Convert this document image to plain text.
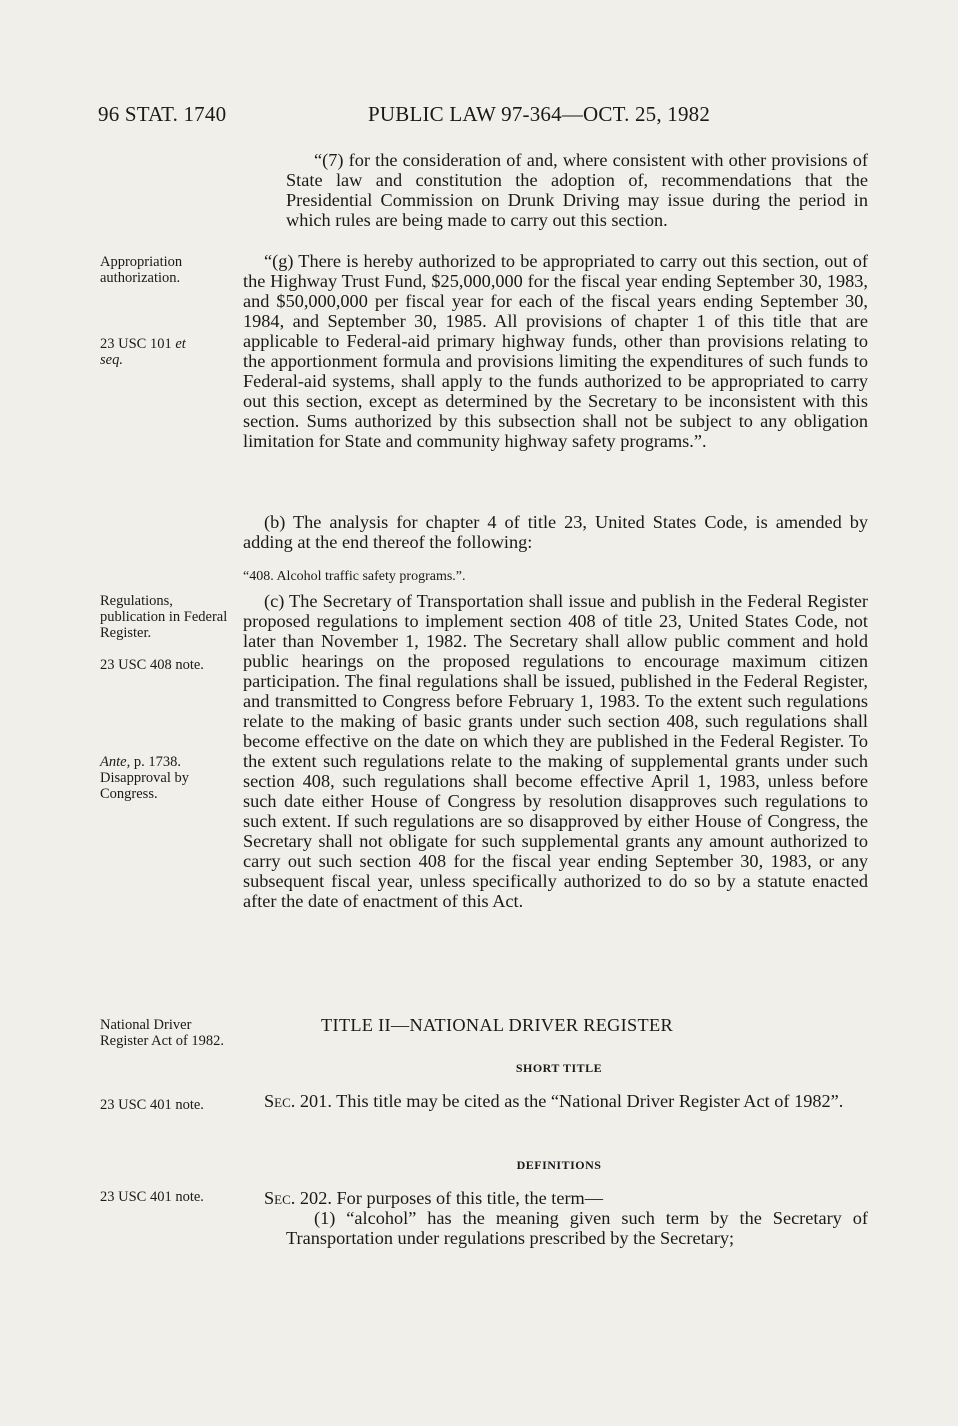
96 STAT. 1740	PUBLIC LAW 97-364—OCT. 25, 1982
Appropriation authorization.
23 USC 101 et
seq.
Regulations, publication in Federal Register.
23 USC 408 note.
Ante, p. 1738.
Disapproval by Congress.
National Driver Register Act of 1982.
23 USC 401 note.
23 USC 401 note.
“(7) for the consideration of and, where consistent with other provisions of State law and constitution the adoption of, recommendations that the Presidential Commission on Drunk Driving may issue during the period in which rules are being made to carry out this section.

“(g) There is hereby authorized to be appropriated to carry out this section, out of the Highway Trust Fund, $25,000,000 for the fiscal year ending September 30, 1983, and $50,000,000 per fiscal year for each of the fiscal years ending September 30, 1984, and September 30, 1985. All provisions of chapter 1 of this title that are applicable to Federal-aid primary highway funds, other than provisions relating to the apportionment formula and provisions limiting the expenditures of such funds to Federal-aid systems, shall apply to the funds authorized to be appropriated to carry out this section, except as determined by the Secretary to be inconsistent with this section. Sums authorized by this subsection shall not be subject to any obligation limitation for State and community highway safety programs.”.

(b) The analysis for chapter 4 of title 23, United States Code, is amended by adding at the end thereof the following:

“408. Alcohol traffic safety programs.”.

(c) The Secretary of Transportation shall issue and publish in the Federal Register proposed regulations to implement section 408 of title 23, United States Code, not later than November 1, 1982. The Secretary shall allow public comment and hold public hearings on the proposed regulations to encourage maximum citizen participation. The final regulations shall be issued, published in the Federal Register, and transmitted to Congress before February 1, 1983. To the extent such regulations relate to the making of basic grants under such section 408, such regulations shall become effective on the date on which they are published in the Federal Register. To the extent such regulations relate to the making of supplemental grants under such section 408, such regulations shall become effective April 1, 1983, unless before such date either House of Congress by resolution disapproves such regulations to such extent. If such regulations are so disapproved by either House of Congress, the Secretary shall not obligate for such supplemental grants any amount authorized to carry out such section 408 for the fiscal year ending September 30, 1983, or any subsequent fiscal year, unless specifically authorized to do so by a statute enacted after the date of enactment of this Act.

TITLE II—NATIONAL DRIVER REGISTER
SHORT TITLE

Sec. 201. This title may be cited as the “National Driver Register Act of 1982”.

DEFINITIONS

Sec. 202. For purposes of this title, the term—

(1) “alcohol” has the meaning given such term by the Secretary of Transportation under regulations prescribed by the Secretary;
